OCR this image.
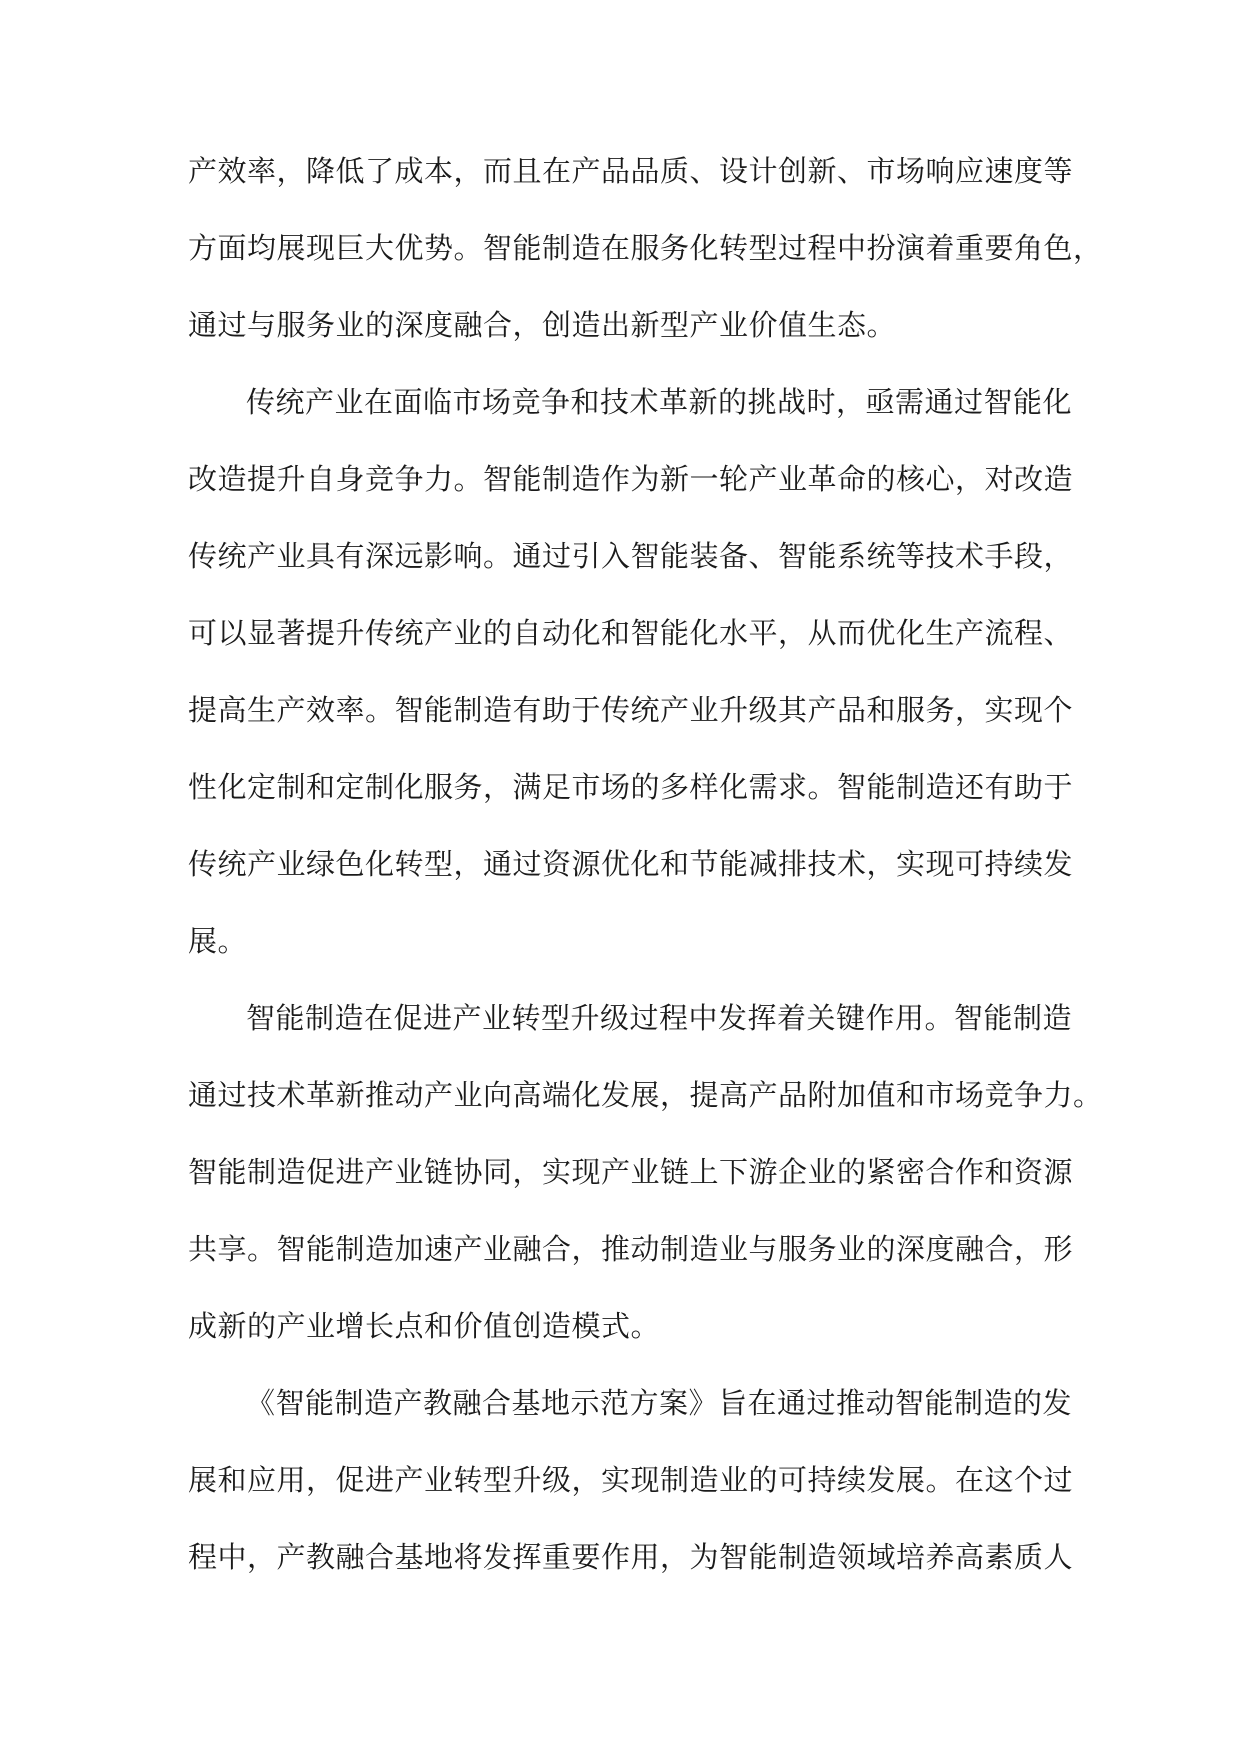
产效率，降低了成本，而且在产品品质、设计创新、市场响应速度等
方面均展现巨大优势。智能制造在服务化转型过程中扮演着重要角色，
通过与服务业的深度融合，创造出新型产业价值生态。
传统产业在面临市场竞争和技术革新的挑战时，亟需通过智能化
改造提升自身竞争力。智能制造作为新一轮产业革命的核心，对改造
传统产业具有深远影响。通过引入智能装备、智能系统等技术手段，
可以显著提升传统产业的自动化和智能化水平，从而优化生产流程、
提高生产效率。智能制造有助于传统产业升级其产品和服务，实现个
性化定制和定制化服务，满足市场的多样化需求。智能制造还有助于
传统产业绿色化转型，通过资源优化和节能减排技术，实现可持续发
展。
智能制造在促进产业转型升级过程中发挥着关键作用。智能制造
通过技术革新推动产业向高端化发展，提高产品附加值和市场竞争力。
智能制造促进产业链协同，实现产业链上下游企业的紧密合作和资源
共享。智能制造加速产业融合，推动制造业与服务业的深度融合，形
成新的产业增长点和价值创造模式。
《智能制造产教融合基地示范方案》旨在通过推动智能制造的发
展和应用，促进产业转型升级，实现制造业的可持续发展。在这个过
程中，产教融合基地将发挥重要作用，为智能制造领域培养高素质人
